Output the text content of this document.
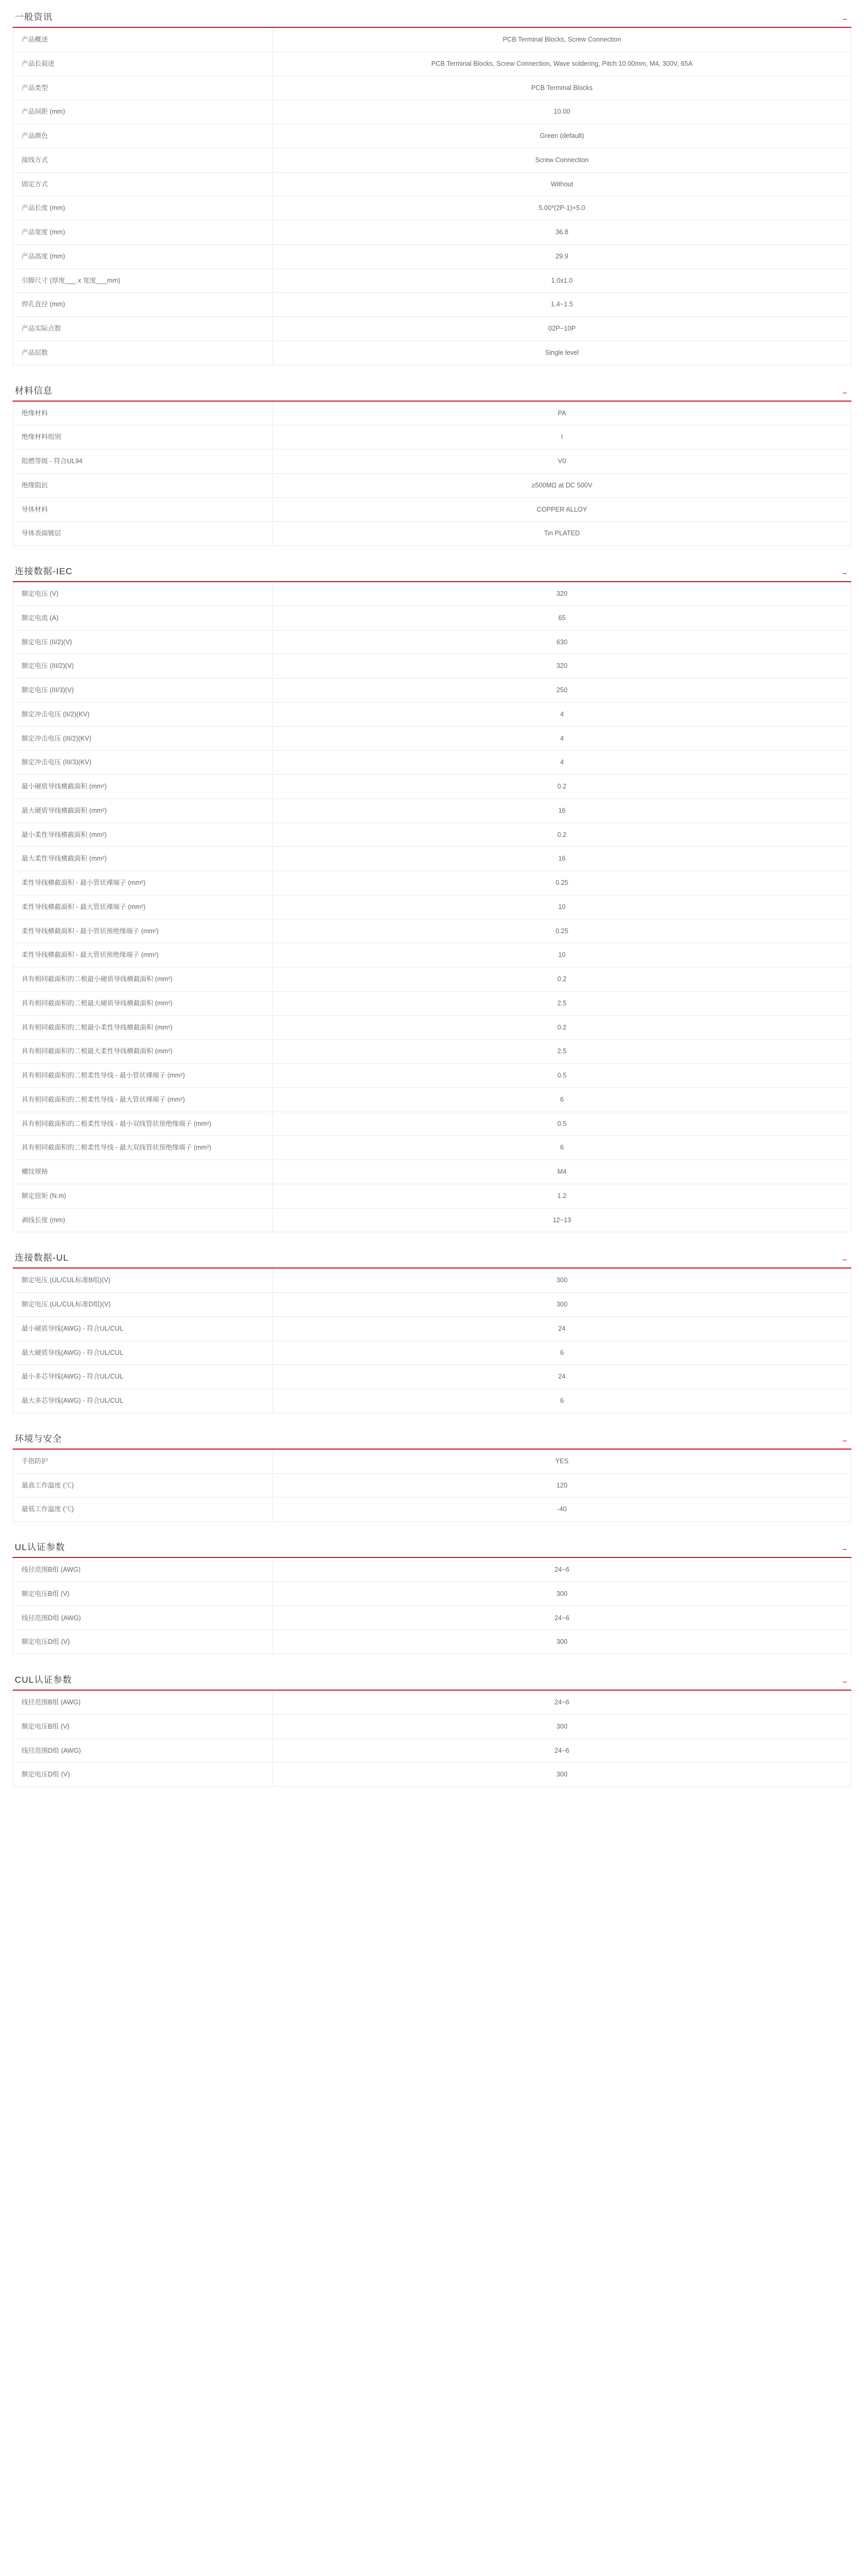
一般资讯	−
产品概述	PCB Terminal Blocks, Screw Connection
产品长叙述	PCB Terminal Blocks, Screw Connection, Wave soldering, Pitch:10.00mm, M4, 300V, 65A
产品类型	PCB Terminal Blocks
产品间距 (mm)	10.00
产品颜色	Green (default)
接线方式	Screw Connection
固定方式	Without
产品长度 (mm)	5.00*(2P-1)+5.0
产品宽度 (mm)	36.8
产品高度 (mm)	29.9
引脚尺寸 (厚度___ x 宽度___mm)	1.0x1.0
焊孔直径 (mm)	1.4~1.5
产品实际点数	02P~10P
产品层数	Single level
材料信息	−
绝缘材料	PA
绝缘材料组别	I
阻燃等级 - 符合UL94	V0
绝缘阻抗	≥500MΩ at DC 500V
导体材料	COPPER ALLOY
导体表面镀层	Tin PLATED
连接数据-IEC	−
额定电压 (V)	320
额定电流 (A)	65
额定电压 (II/2)(V)	630
额定电压 (III/2)(V)	320
额定电压 (III/3)(V)	250
额定冲击电压 (II/2)(KV)	4
额定冲击电压 (III/2)(KV)	4
额定冲击电压 (III/3)(KV)	4
最小硬质导线横截面积 (mm²)	0.2
最大硬质导线横截面积 (mm²)	16
最小柔性导线横截面积 (mm²)	0.2
最大柔性导线横截面积 (mm²)	16
柔性导线横截面积 - 最小管状裸端子 (mm²)	0.25
柔性导线横截面积 - 最大管状裸端子 (mm²)	10
柔性导线横截面积 - 最小管状预绝缘端子 (mm²)	0.25
柔性导线横截面积 - 最大管状预绝缘端子 (mm²)	10
具有相同截面积的二根最小硬质导线横截面积 (mm²)	0.2
具有相同截面积的二根最大硬质导线横截面积 (mm²)	2.5
具有相同截面积的二根最小柔性导线横截面积 (mm²)	0.2
具有相同截面积的二根最大柔性导线横截面积 (mm²)	2.5
具有相同截面积的二根柔性导线 - 最小管状裸端子 (mm²)	0.5
具有相同截面积的二根柔性导线 - 最大管状裸端子 (mm²)	6
具有相同截面积的二根柔性导线 - 最小双线管状预绝缘端子 (mm²)	0.5
具有相同截面积的二根柔性导线 - 最大双线管状预绝缘端子 (mm²)	6
螺纹规格	M4
额定扭矩 (N.m)	1.2
剥线长度 (mm)	12~13
连接数据-UL	−
额定电压 (UL/CUL标准B组)(V)	300
额定电压 (UL/CUL标准D组)(V)	300
最小硬质导线(AWG) - 符合UL/CUL	24
最大硬质导线(AWG) - 符合UL/CUL	6
最小多芯导线(AWG) - 符合UL/CUL	24
最大多芯导线(AWG) - 符合UL/CUL	6
环境与安全	−
手指防护	YES
最高工作温度 (℃)	120
最低工作温度 (℃)	-40
UL认证参数	−
线径范围B组 (AWG)	24~6
额定电压B组 (V)	300
线径范围D组 (AWG)	24~6
额定电压D组 (V)	300
CUL认证参数	−
线径范围B组 (AWG)	24~6
额定电压B组 (V)	300
线径范围D组 (AWG)	24~6
额定电压D组 (V)	300
